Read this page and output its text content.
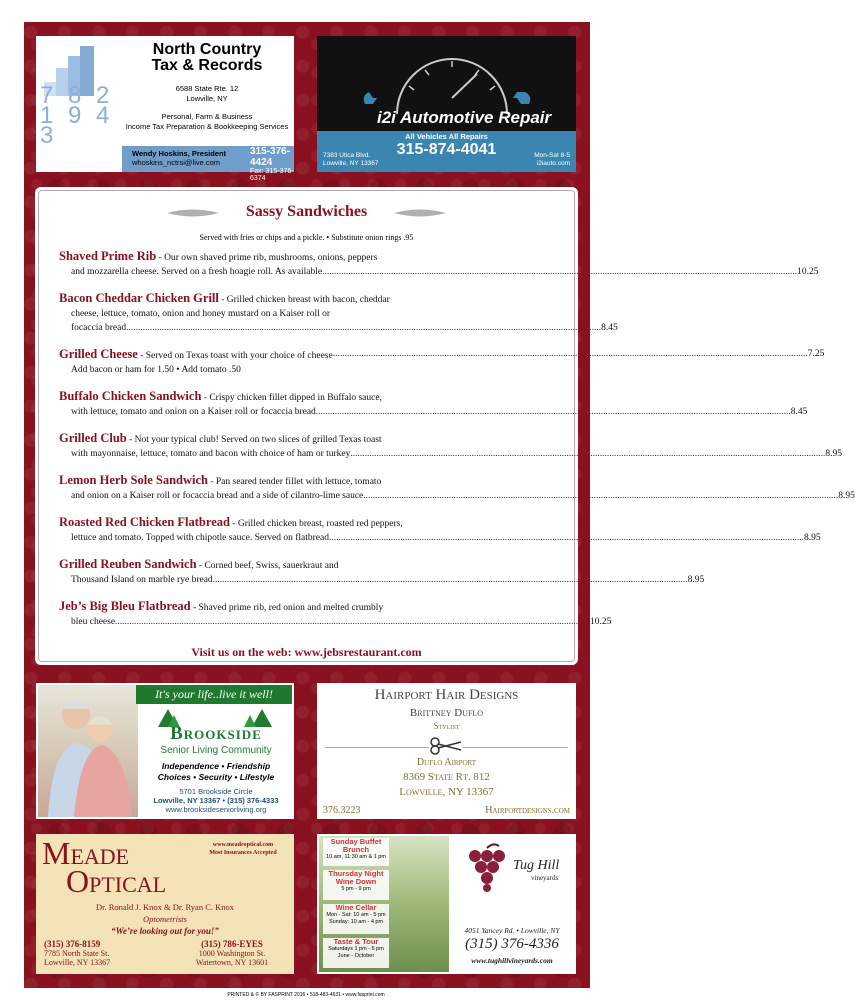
7 8 2 1 9 4 3
North Country
Tax & Records
6588 State Rte. 12
Lowville, NY
Personal, Farm & Business
Income Tax Preparation & Bookkeeping Services
Wendy Hoskins, President
whoskins_nctrsi@live.com
315-376-4424
Fax: 315-376-6374
i2i Automotive Repair
All Vehicles All Repairs
315-874-4041
7383 Utica Blvd.
Lowville, NY 13367
Mon-Sat 8-5
i2iauto.com
Sassy Sandwiches
Served with fries or chips and a pickle. • Substitute onion rings .95
Shaved Prime Rib - Our own shaved prime rib, mushrooms, onions, peppers
and mozzarella cheese. Served on a fresh hoagie roll. As available ........................................................................................................................................................................................................ 10.25
Bacon Cheddar Chicken Grill - Grilled chicken breast with bacon, cheddar
cheese, lettuce, tomato, onion and honey mustard on a Kaiser roll or
focaccia bread ........................................................................................................................................................................................................ 8.45
Grilled Cheese - Served on Texas toast with your choice of cheese ........................................................................................................................................................................................................ 7.25
Add bacon or ham for 1.50 • Add tomato .50
Buffalo Chicken Sandwich - Crispy chicken fillet dipped in Buffalo sauce,
with lettuce, tomato and onion on a Kaiser roll or focaccia bread ........................................................................................................................................................................................................ 8.45
Grilled Club - Not your typical club! Served on two slices of grilled Texas toast
with mayonnaise, lettuce, tomato and bacon with choice of ham or turkey ........................................................................................................................................................................................................ 8.95
Lemon Herb Sole Sandwich - Pan seared tender fillet with lettuce, tomato
and onion on a Kaiser roll or focaccia bread and a side of cilantro-lime sauce ........................................................................................................................................................................................................ 8.95
Roasted Red Chicken Flatbread - Grilled chicken breast, roasted red peppers,
lettuce and tomato. Topped with chipotle sauce. Served on flatbread ........................................................................................................................................................................................................ 8.95
Grilled Reuben Sandwich - Corned beef, Swiss, sauerkraut and
Thousand Island on marble rye bread ........................................................................................................................................................................................................ 8.95
Jeb’s Big Bleu Flatbread - Shaved prime rib, red onion and melted crumbly
bleu cheese ........................................................................................................................................................................................................ 10.25
Visit us on the web: www.jebsrestaurant.com
It's your life..live it well!
Brookside
Senior Living Community
Independence • Friendship
Choices • Security • Lifestyle
5701 Brookside Circle
Lowville, NY 13367 • (315) 376-4333
www.brooksideseniorliving.org
Hairport Hair Designs
Brittney Duflo
Stylist
Duflo Airport
8369 State Rt. 812
Lowville, NY 13367
376.3223	Hairportdesigns.com
Meade
Optical
www.meadeoptical.com
Most Insurances Accepted
Dr. Ronald J. Knox & Dr. Ryan C. Knox
Optometrists
“We’re looking out for you!”
(315) 376-8159
7785 North State St.
Lowville, NY 13367
(315) 786-EYES
1000 Washington St.
Watertown, NY 13601
Sunday Buffet Brunch
10 am, 11:30 am & 1 pm
Thursday Night Wine Down
5 pm - 9 pm
Wine Cellar
Mon - Sat: 10 am - 5 pm Sunday: 10 am - 4 pm
Taste & Tour
Saturdays 1 pm - 5 pm June - October
Tug Hill
vineyards
4051 Yancey Rd. • Lowville, NY
(315) 376-4336
www.tughillvineyards.com
PRINTED & © BY FASPRINT 2016 • 518-483-4631 • www.fasprint.com
